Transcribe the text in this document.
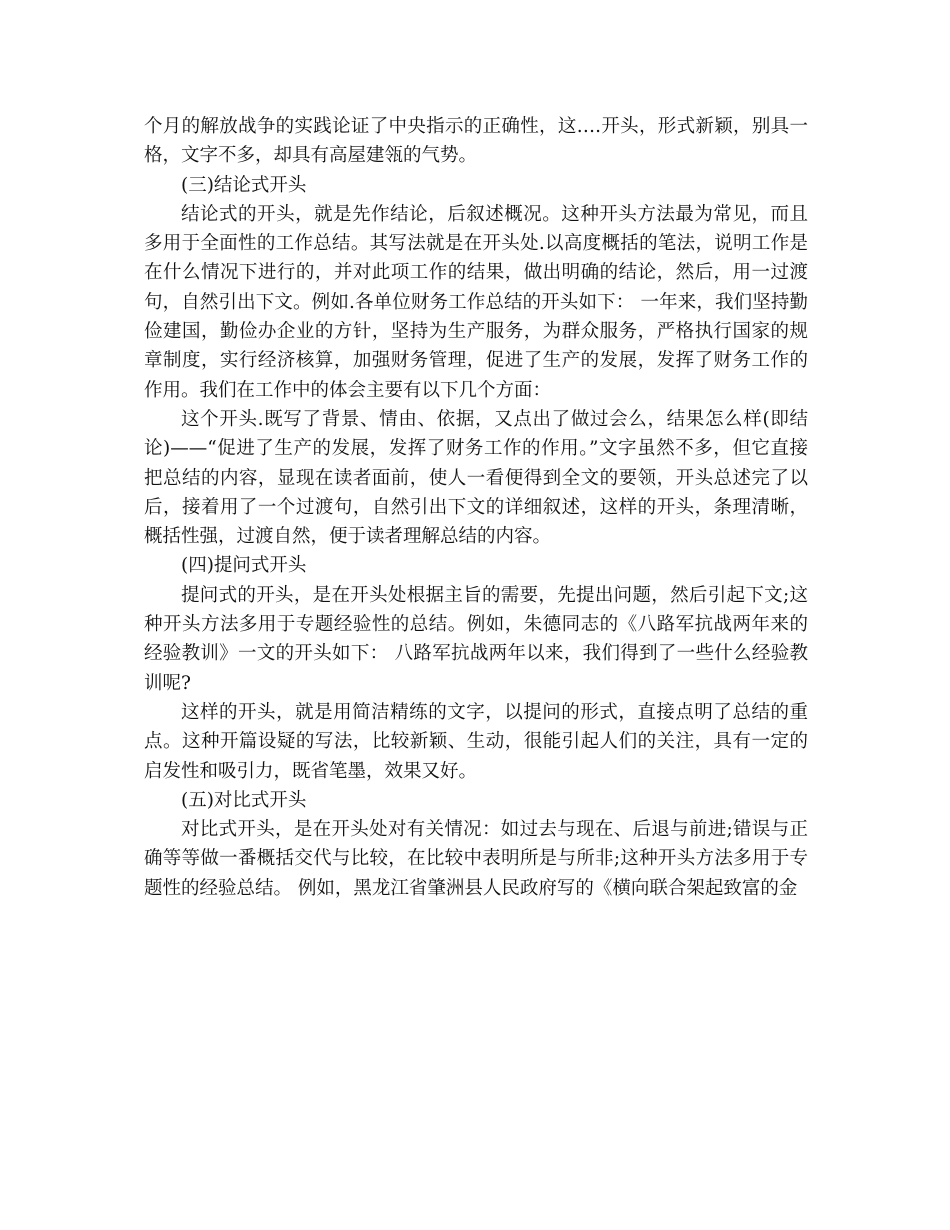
个月的解放战争的实践论证了中央指示的正确性，这….开头，形式新颖，别具一格，文字不多，却具有高屋建瓴的气势。

(三)结论式开头

结论式的开头，就是先作结论，后叙述概况。这种开头方法最为常见，而且多用于全面性的工作总结。其写法就是在开头处.以高度概括的笔法，说明工作是在什么情况下进行的，并对此项工作的结果，做出明确的结论，然后，用一过渡句，自然引出下文。例如.各单位财务工作总结的开头如下： 一年来，我们坚持勤俭建国，勤俭办企业的方针，坚持为生产服务，为群众服务，严格执行国家的规章制度，实行经济核算，加强财务管理，促进了生产的发展，发挥了财务工作的作用。我们在工作中的体会主要有以下几个方面：

这个开头.既写了背景、情由、依据，又点出了做过会么，结果怎么样(即结论)——“促进了生产的发展，发挥了财务工作的作用。”文字虽然不多，但它直接把总结的内容，显现在读者面前，使人一看便得到全文的要领，开头总述完了以后，接着用了一个过渡句，自然引出下文的详细叙述，这样的开头，条理清晰，概括性强，过渡自然，便于读者理解总结的内容。

(四)提问式开头

提问式的开头，是在开头处根据主旨的需要，先提出问题，然后引起下文;这种开头方法多用于专题经验性的总结。例如，朱德同志的《八路军抗战两年来的经验教训》一文的开头如下： 八路军抗战两年以来，我们得到了一些什么经验教训呢?

这样的开头，就是用简洁精练的文字，以提问的形式，直接点明了总结的重点。这种开篇设疑的写法，比较新颖、生动，很能引起人们的关注，具有一定的启发性和吸引力，既省笔墨，效果又好。

(五)对比式开头

对比式开头，是在开头处对有关情况：如过去与现在、后退与前进;错误与正确等等做一番概括交代与比较，在比较中表明所是与所非;这种开头方法多用于专题性的经验总结。 例如，黑龙江省肇洲县人民政府写的《横向联合架起致富的金
